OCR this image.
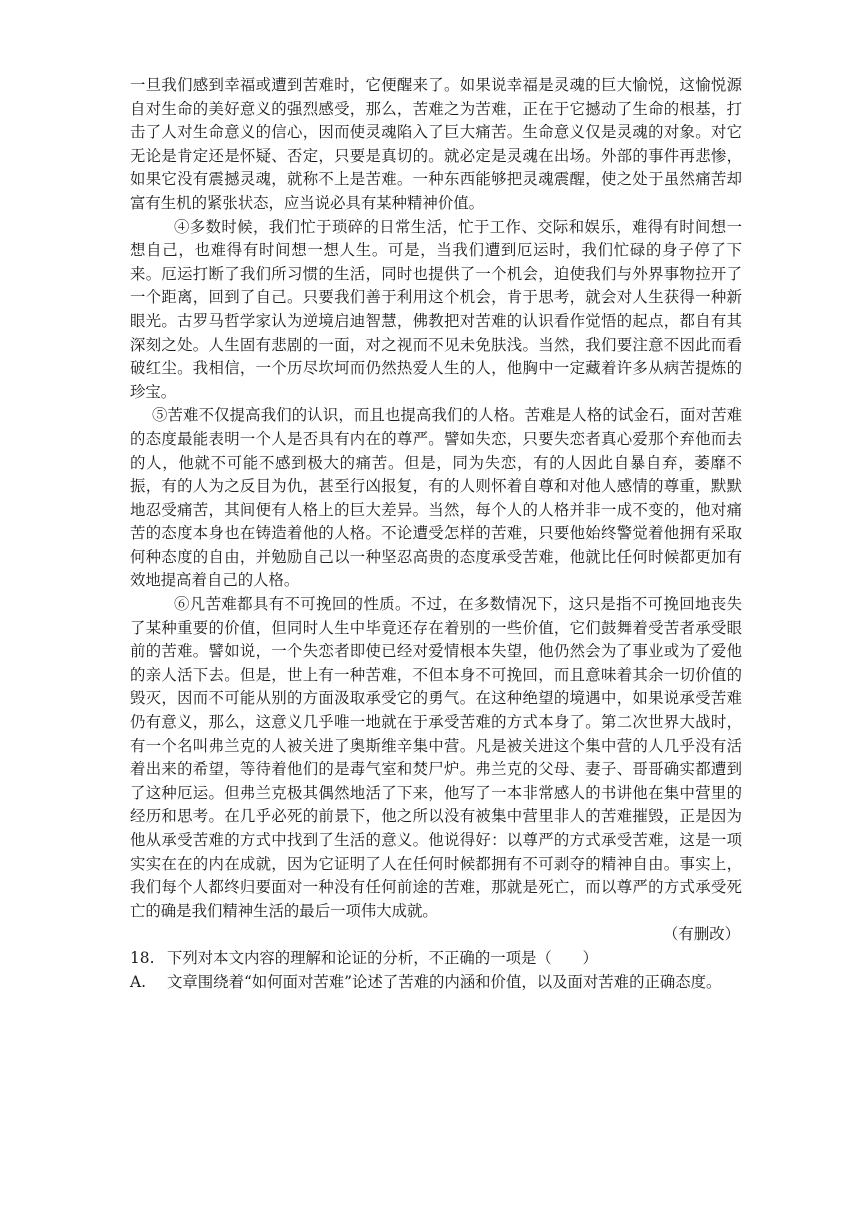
一旦我们感到幸福或遭到苦难时，它便醒来了。如果说幸福是灵魂的巨大愉悦，这愉悦源自对生命的美好意义的强烈感受，那么，苦难之为苦难，正在于它撼动了生命的根基，打击了人对生命意义的信心，因而使灵魂陷入了巨大痛苦。生命意义仅是灵魂的对象。对它无论是肯定还是怀疑、否定，只要是真切的。就必定是灵魂在出场。外部的事件再悲惨，如果它没有震撼灵魂，就称不上是苦难。一种东西能够把灵魂震醒，使之处于虽然痛苦却富有生机的紧张状态，应当说必具有某种精神价值。

④多数时候，我们忙于琐碎的日常生活，忙于工作、交际和娱乐，难得有时间想一想自己，也难得有时间想一想人生。可是，当我们遭到厄运时，我们忙碌的身子停了下来。厄运打断了我们所习惯的生活，同时也提供了一个机会，迫使我们与外界事物拉开了一个距离，回到了自己。只要我们善于利用这个机会，肯于思考，就会对人生获得一种新眼光。古罗马哲学家认为逆境启迪智慧，佛教把对苦难的认识看作觉悟的起点，都自有其深刻之处。人生固有悲剧的一面，对之视而不见未免肤浅。当然，我们要注意不因此而看破红尘。我相信，一个历尽坎坷而仍然热爱人生的人，他胸中一定藏着许多从病苦提炼的珍宝。

⑤苦难不仅提高我们的认识，而且也提高我们的人格。苦难是人格的试金石，面对苦难的态度最能表明一个人是否具有内在的尊严。譬如失恋，只要失恋者真心爱那个弃他而去的人，他就不可能不感到极大的痛苦。但是，同为失恋，有的人因此自暴自弃，萎靡不振，有的人为之反目为仇，甚至行凶报复，有的人则怀着自尊和对他人感情的尊重，默默地忍受痛苦，其间便有人格上的巨大差异。当然，每个人的人格并非一成不变的，他对痛苦的态度本身也在铸造着他的人格。不论遭受怎样的苦难，只要他始终警觉着他拥有采取何种态度的自由，并勉励自己以一种坚忍高贵的态度承受苦难，他就比任何时候都更加有效地提高着自己的人格。

⑥凡苦难都具有不可挽回的性质。不过，在多数情况下，这只是指不可挽回地丧失了某种重要的价值，但同时人生中毕竟还存在着别的一些价值，它们鼓舞着受苦者承受眼前的苦难。譬如说，一个失恋者即使已经对爱情根本失望，他仍然会为了事业或为了爱他的亲人活下去。但是，世上有一种苦难，不但本身不可挽回，而且意味着其余一切价值的毁灭，因而不可能从别的方面汲取承受它的勇气。在这种绝望的境遇中，如果说承受苦难仍有意义，那么，这意义几乎唯一地就在于承受苦难的方式本身了。第二次世界大战时，有一个名叫弗兰克的人被关进了奥斯维辛集中营。凡是被关进这个集中营的人几乎没有活着出来的希望，等待着他们的是毒气室和焚尸炉。弗兰克的父母、妻子、哥哥确实都遭到了这种厄运。但弗兰克极其偶然地活了下来，他写了一本非常感人的书讲他在集中营里的经历和思考。在几乎必死的前景下，他之所以没有被集中营里非人的苦难摧毁，正是因为他从承受苦难的方式中找到了生活的意义。他说得好：以尊严的方式承受苦难，这是一项实实在在的内在成就，因为它证明了人在任何时候都拥有不可剥夺的精神自由。事实上，我们每个人都终归要面对一种没有任何前途的苦难，那就是死亡，而以尊严的方式承受死亡的确是我们精神生活的最后一项伟大成就。

（有删改）

18. 下列对本文内容的理解和论证的分析，不正确的一项是（　　）

A. 文章围绕着“如何面对苦难”论述了苦难的内涵和价值，以及面对苦难的正确态度。
